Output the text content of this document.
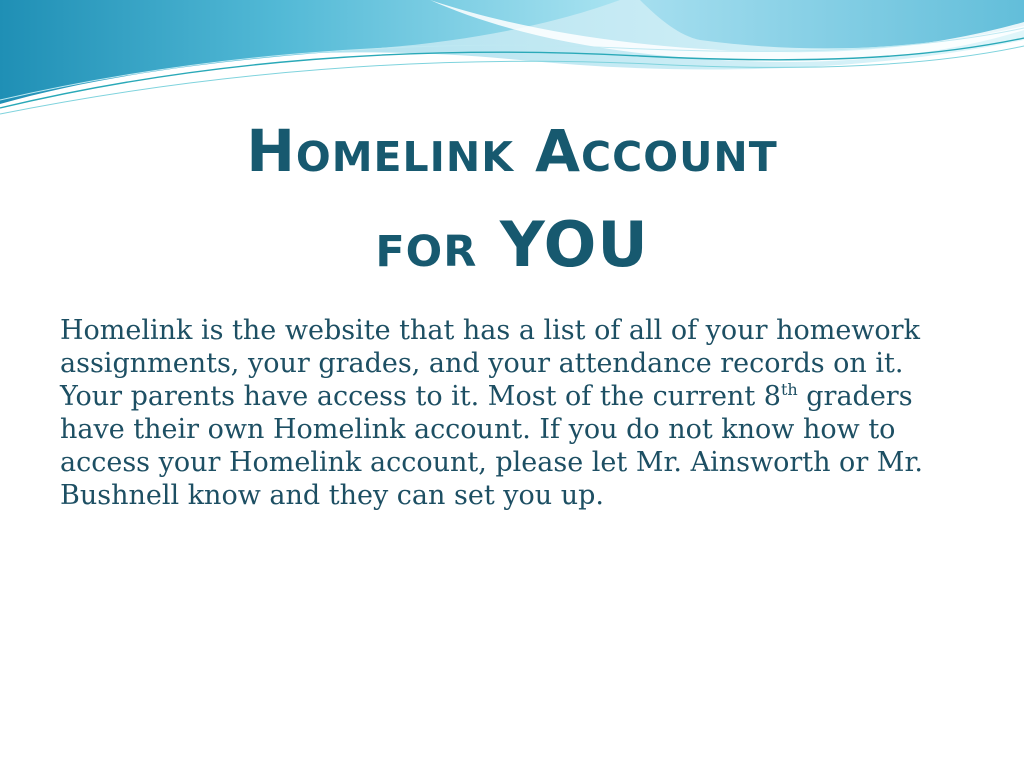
Homelink Account
for YOU

Homelink is the website that has a list of all of your homework assignments, your grades, and your attendance records on it. Your parents have access to it. Most of the current 8th graders have their own Homelink account. If you do not know how to access your Homelink account, please let Mr. Ainsworth or Mr. Bushnell know and they can set you up.
